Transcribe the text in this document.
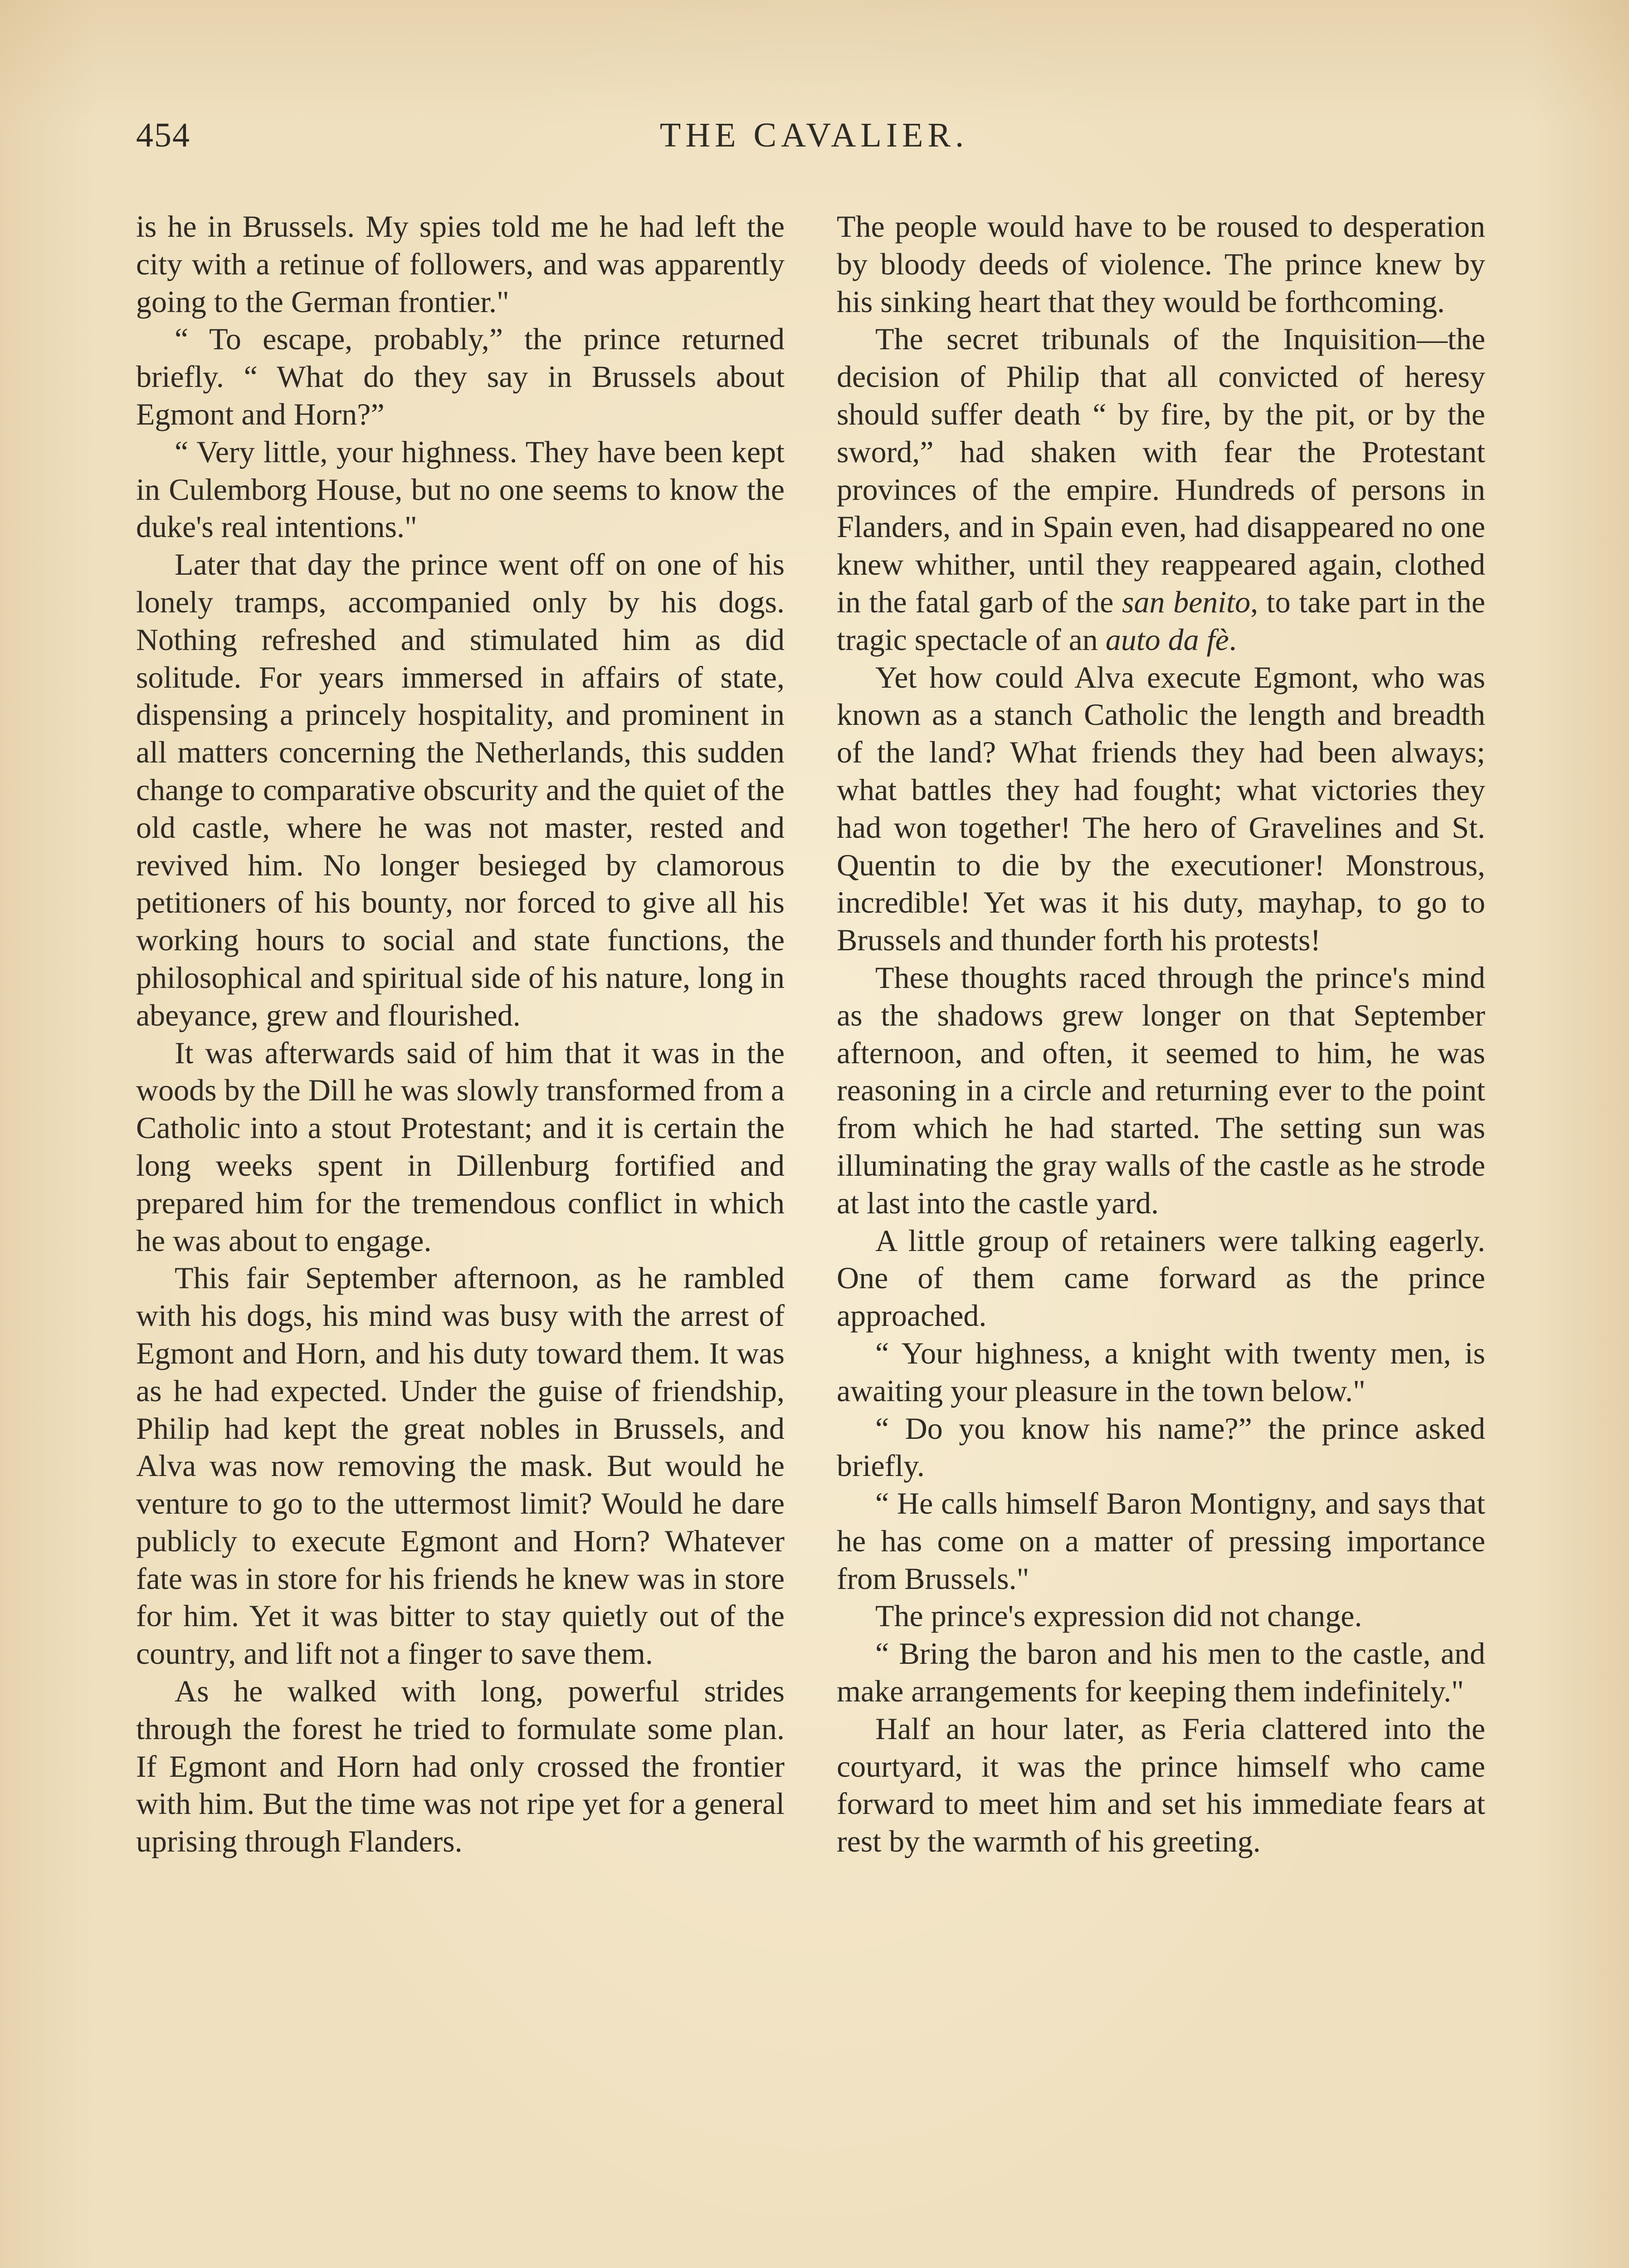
454	THE CAVALIER.

is he in Brussels. My spies told me he had left the city with a retinue of followers, and was apparently going to the German frontier."

“ To escape, probably,” the prince returned briefly. “ What do they say in Brussels about Egmont and Horn?”

“ Very little, your highness. They have been kept in Culemborg House, but no one seems to know the duke's real intentions."

Later that day the prince went off on one of his lonely tramps, accompanied only by his dogs. Nothing refreshed and stimulated him as did solitude. For years immersed in affairs of state, dispensing a princely hospitality, and prominent in all matters concerning the Netherlands, this sudden change to comparative obscurity and the quiet of the old castle, where he was not master, rested and revived him. No longer besieged by clamorous petitioners of his bounty, nor forced to give all his working hours to social and state functions, the philosophical and spiritual side of his nature, long in abeyance, grew and flourished.

It was afterwards said of him that it was in the woods by the Dill he was slowly transformed from a Catholic into a stout Protestant; and it is certain the long weeks spent in Dillenburg fortified and prepared him for the tremendous conflict in which he was about to engage.

This fair September afternoon, as he rambled with his dogs, his mind was busy with the arrest of Egmont and Horn, and his duty toward them. It was as he had expected. Under the guise of friendship, Philip had kept the great nobles in Brussels, and Alva was now removing the mask. But would he venture to go to the uttermost limit? Would he dare publicly to execute Egmont and Horn? Whatever fate was in store for his friends he knew was in store for him. Yet it was bitter to stay quietly out of the country, and lift not a finger to save them.

As he walked with long, powerful strides through the forest he tried to formulate some plan. If Egmont and Horn had only crossed the frontier with him. But the time was not ripe yet for a general uprising through Flanders.

The people would have to be roused to desperation by bloody deeds of violence. The prince knew by his sinking heart that they would be forthcoming.

The secret tribunals of the Inquisition—the decision of Philip that all convicted of heresy should suffer death “ by fire, by the pit, or by the sword,” had shaken with fear the Protestant provinces of the empire. Hundreds of persons in Flanders, and in Spain even, had disappeared no one knew whither, until they reappeared again, clothed in the fatal garb of the san benito, to take part in the tragic spectacle of an auto da fè.

Yet how could Alva execute Egmont, who was known as a stanch Catholic the length and breadth of the land? What friends they had been always; what battles they had fought; what victories they had won together! The hero of Gravelines and St. Quentin to die by the executioner! Monstrous, incredible! Yet was it his duty, mayhap, to go to Brussels and thunder forth his protests!

These thoughts raced through the prince's mind as the shadows grew longer on that September afternoon, and often, it seemed to him, he was reasoning in a circle and returning ever to the point from which he had started. The setting sun was illuminating the gray walls of the castle as he strode at last into the castle yard.

A little group of retainers were talking eagerly. One of them came forward as the prince approached.

“ Your highness, a knight with twenty men, is awaiting your pleasure in the town below."

“ Do you know his name?” the prince asked briefly.

“ He calls himself Baron Montigny, and says that he has come on a matter of pressing importance from Brussels."

The prince's expression did not change.

“ Bring the baron and his men to the castle, and make arrangements for keeping them indefinitely."

Half an hour later, as Feria clattered into the courtyard, it was the prince himself who came forward to meet him and set his immediate fears at rest by the warmth of his greeting.
